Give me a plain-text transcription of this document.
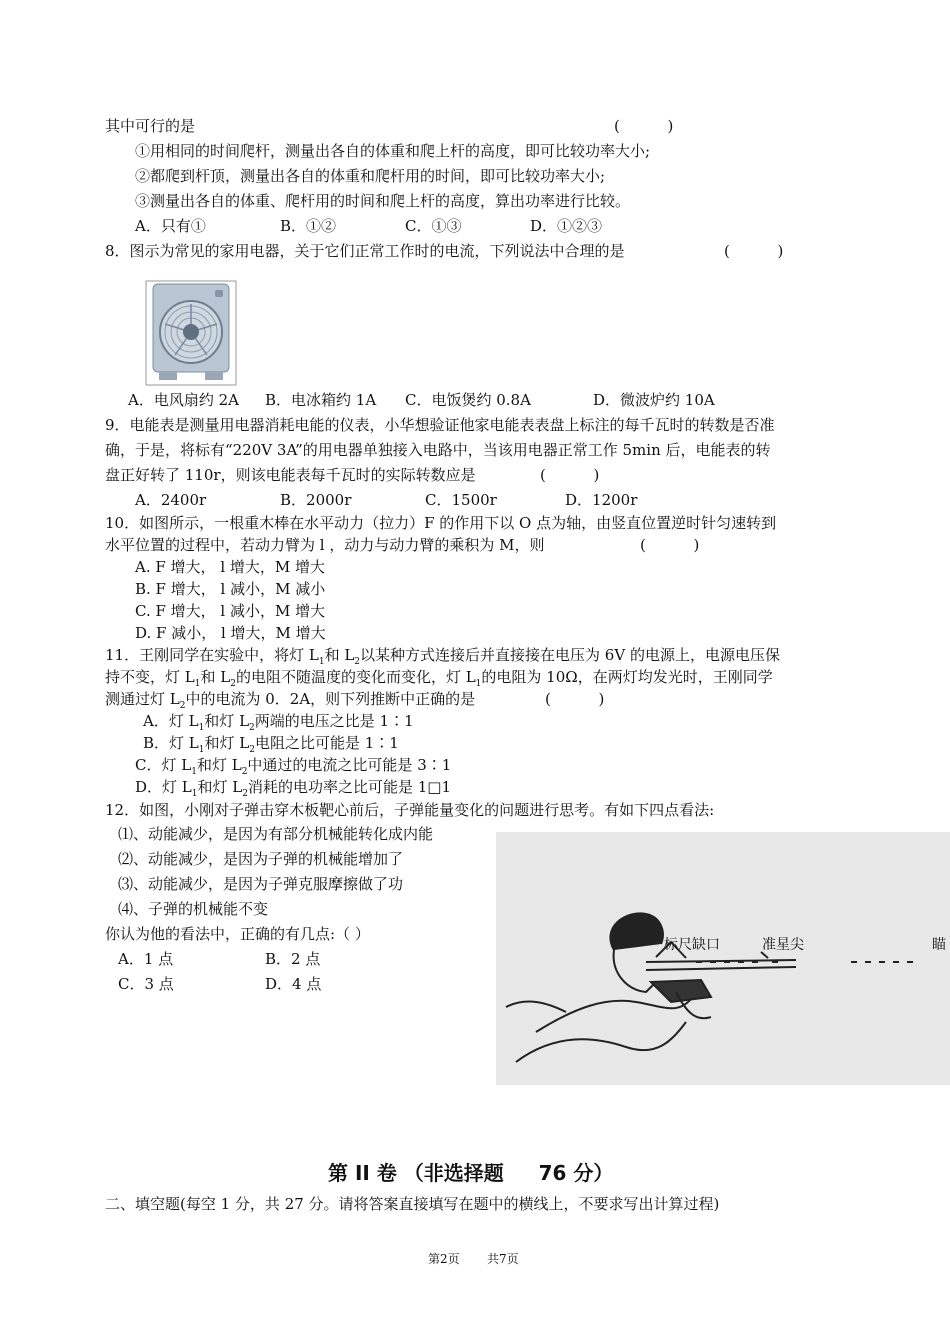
其中可行的是	(          )
①用相同的时间爬杆，测量出各自的体重和爬上杆的高度，即可比较功率大小;
②都爬到杆顶，测量出各自的体重和爬杆用的时间，即可比较功率大小;
③测量出各自的体重、爬杆用的时间和爬上杆的高度，算出功率进行比较。
A．只有①	B．①②	C．①③	D．①②③
8．图示为常见的家用电器，关于它们正常工作时的电流，下列说法中合理的是	(          )
A．电风扇约 2A B．电冰箱约 1A C．电饭煲约 0.8A	D．微波炉约 10A
9．电能表是测量用电器消耗电能的仪表，小华想验证他家电能表表盘上标注的每千瓦时的转数是否准
确，于是，将标有“220V 3A”的用电器单独接入电路中，当该用电器正常工作 5min 后，电能表的转
盘正好转了 110r，则该电能表每千瓦时的实际转数应是	(          )
A．2400r	B．2000r	C．1500r	D．1200r
10．如图所示，一根重木棒在水平动力（拉力）F 的作用下以 O 点为轴，由竖直位置逆时针匀速转到
水平位置的过程中，若动力臂为 l ，动力与动力臂的乘积为 M，则	(          )
A. F 增大， l 增大，M 增大
B. F 增大， l 减小，M 减小
C. F 增大， l 减小，M 增大
D. F 减小， l 增大，M 增大
11．王刚同学在实验中，将灯 $L_1$和 $L_2$以某种方式连接后并直接接在电压为 6V 的电源上，电源电压保
持不变，灯 $L_1$和 $L_2$的电阻不随温度的变化而变化，灯 $L_1$的电阻为 10Ω，在两灯均发光时，王刚同学
测通过灯 $L_2$中的电流为 0．2A，则下列推断中正确的是	(          )
A．灯 $L_1$和灯 $L_2$两端的电压之比是 1∶1
B．灯 $L_1$和灯 $L_2$电阻之比可能是 1∶1
C．灯 $L_1$和灯 $L_2$中通过的电流之比可能是 3∶1
D．灯 $L_1$和灯 $L_2$消耗的电功率之比可能是 1□1
12．如图，小刚对子弹击穿木板靶心前后，子弹能量变化的问题进行思考。有如下四点看法:
⑴、动能减少，是因为有部分机械能转化成内能
⑵、动能减少，是因为子弹的机械能增加了
⑶、动能减少，是因为子弹克服摩擦做了功
⑷、子弹的机械能不变
你认为他的看法中，正确的有几点:（ ）
A．1 点	B．2 点
C．3 点	D．4 点
标尺缺口	准星尖	瞄
第 II 卷 （非选择题     76 分）
二、填空题(每空 1 分，共 27 分。请将答案直接填写在题中的横线上，不要求写出计算过程)
第2页 共7页
